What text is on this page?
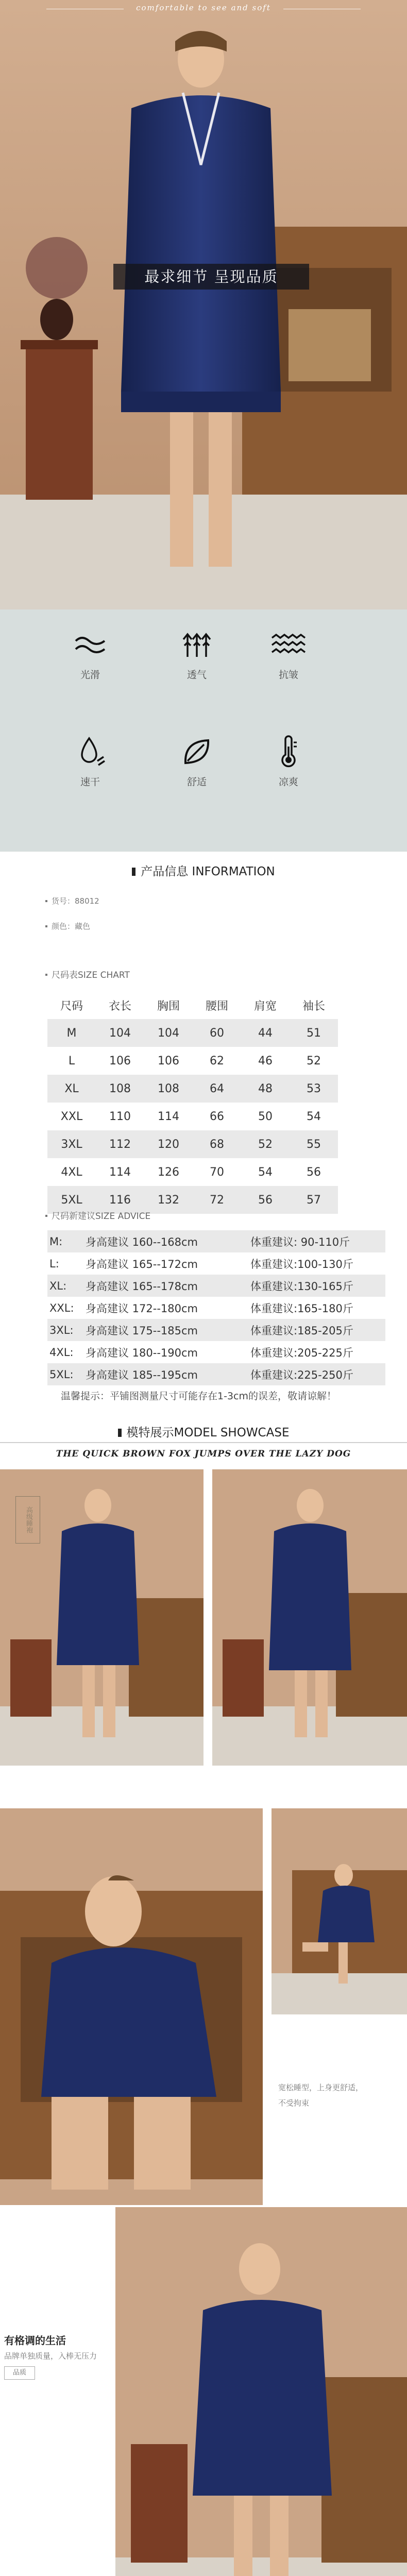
comfortable to see and soft
最求细节 呈现品质
光滑	透气	抗皱
速干	舒适	凉爽
产品信息 INFORMATION
货号：88012
颜色：藏色
尺码表SIZE CHART
尺码	衣长	胸围	腰围	肩宽	袖长
M	104	104	60	44	51
L	106	106	62	46	52
XL	108	108	64	48	53
XXL	110	114	66	50	54
3XL	112	120	68	52	55
4XL	114	126	70	54	56
5XL	116	132	72	56	57
尺码新建议SIZE ADVICE
M:	身高建议 160--168cm	体重建议: 90-110斤
L:	身高建议 165--172cm	体重建议:100-130斤
XL:	身高建议 165--178cm	体重建议:130-165斤
XXL:	身高建议 172--180cm	体重建议:165-180斤
3XL:	身高建议 175--185cm	体重建议:185-205斤
4XL:	身高建议 180--190cm	体重建议:205-225斤
5XL:	身高建议 185--195cm	体重建议:225-250斤
温馨提示：平铺图测量尺寸可能存在1-3cm的误差，敬请谅解！
模特展示MODEL SHOWCASE
THE QUICK BROWN FOX JUMPS OVER THE LAZY DOG
高级睡袍
宽松睡型，上身更舒适，
不受拘束
有格调的生活
品牌单独质量，入棒无压力
品质
